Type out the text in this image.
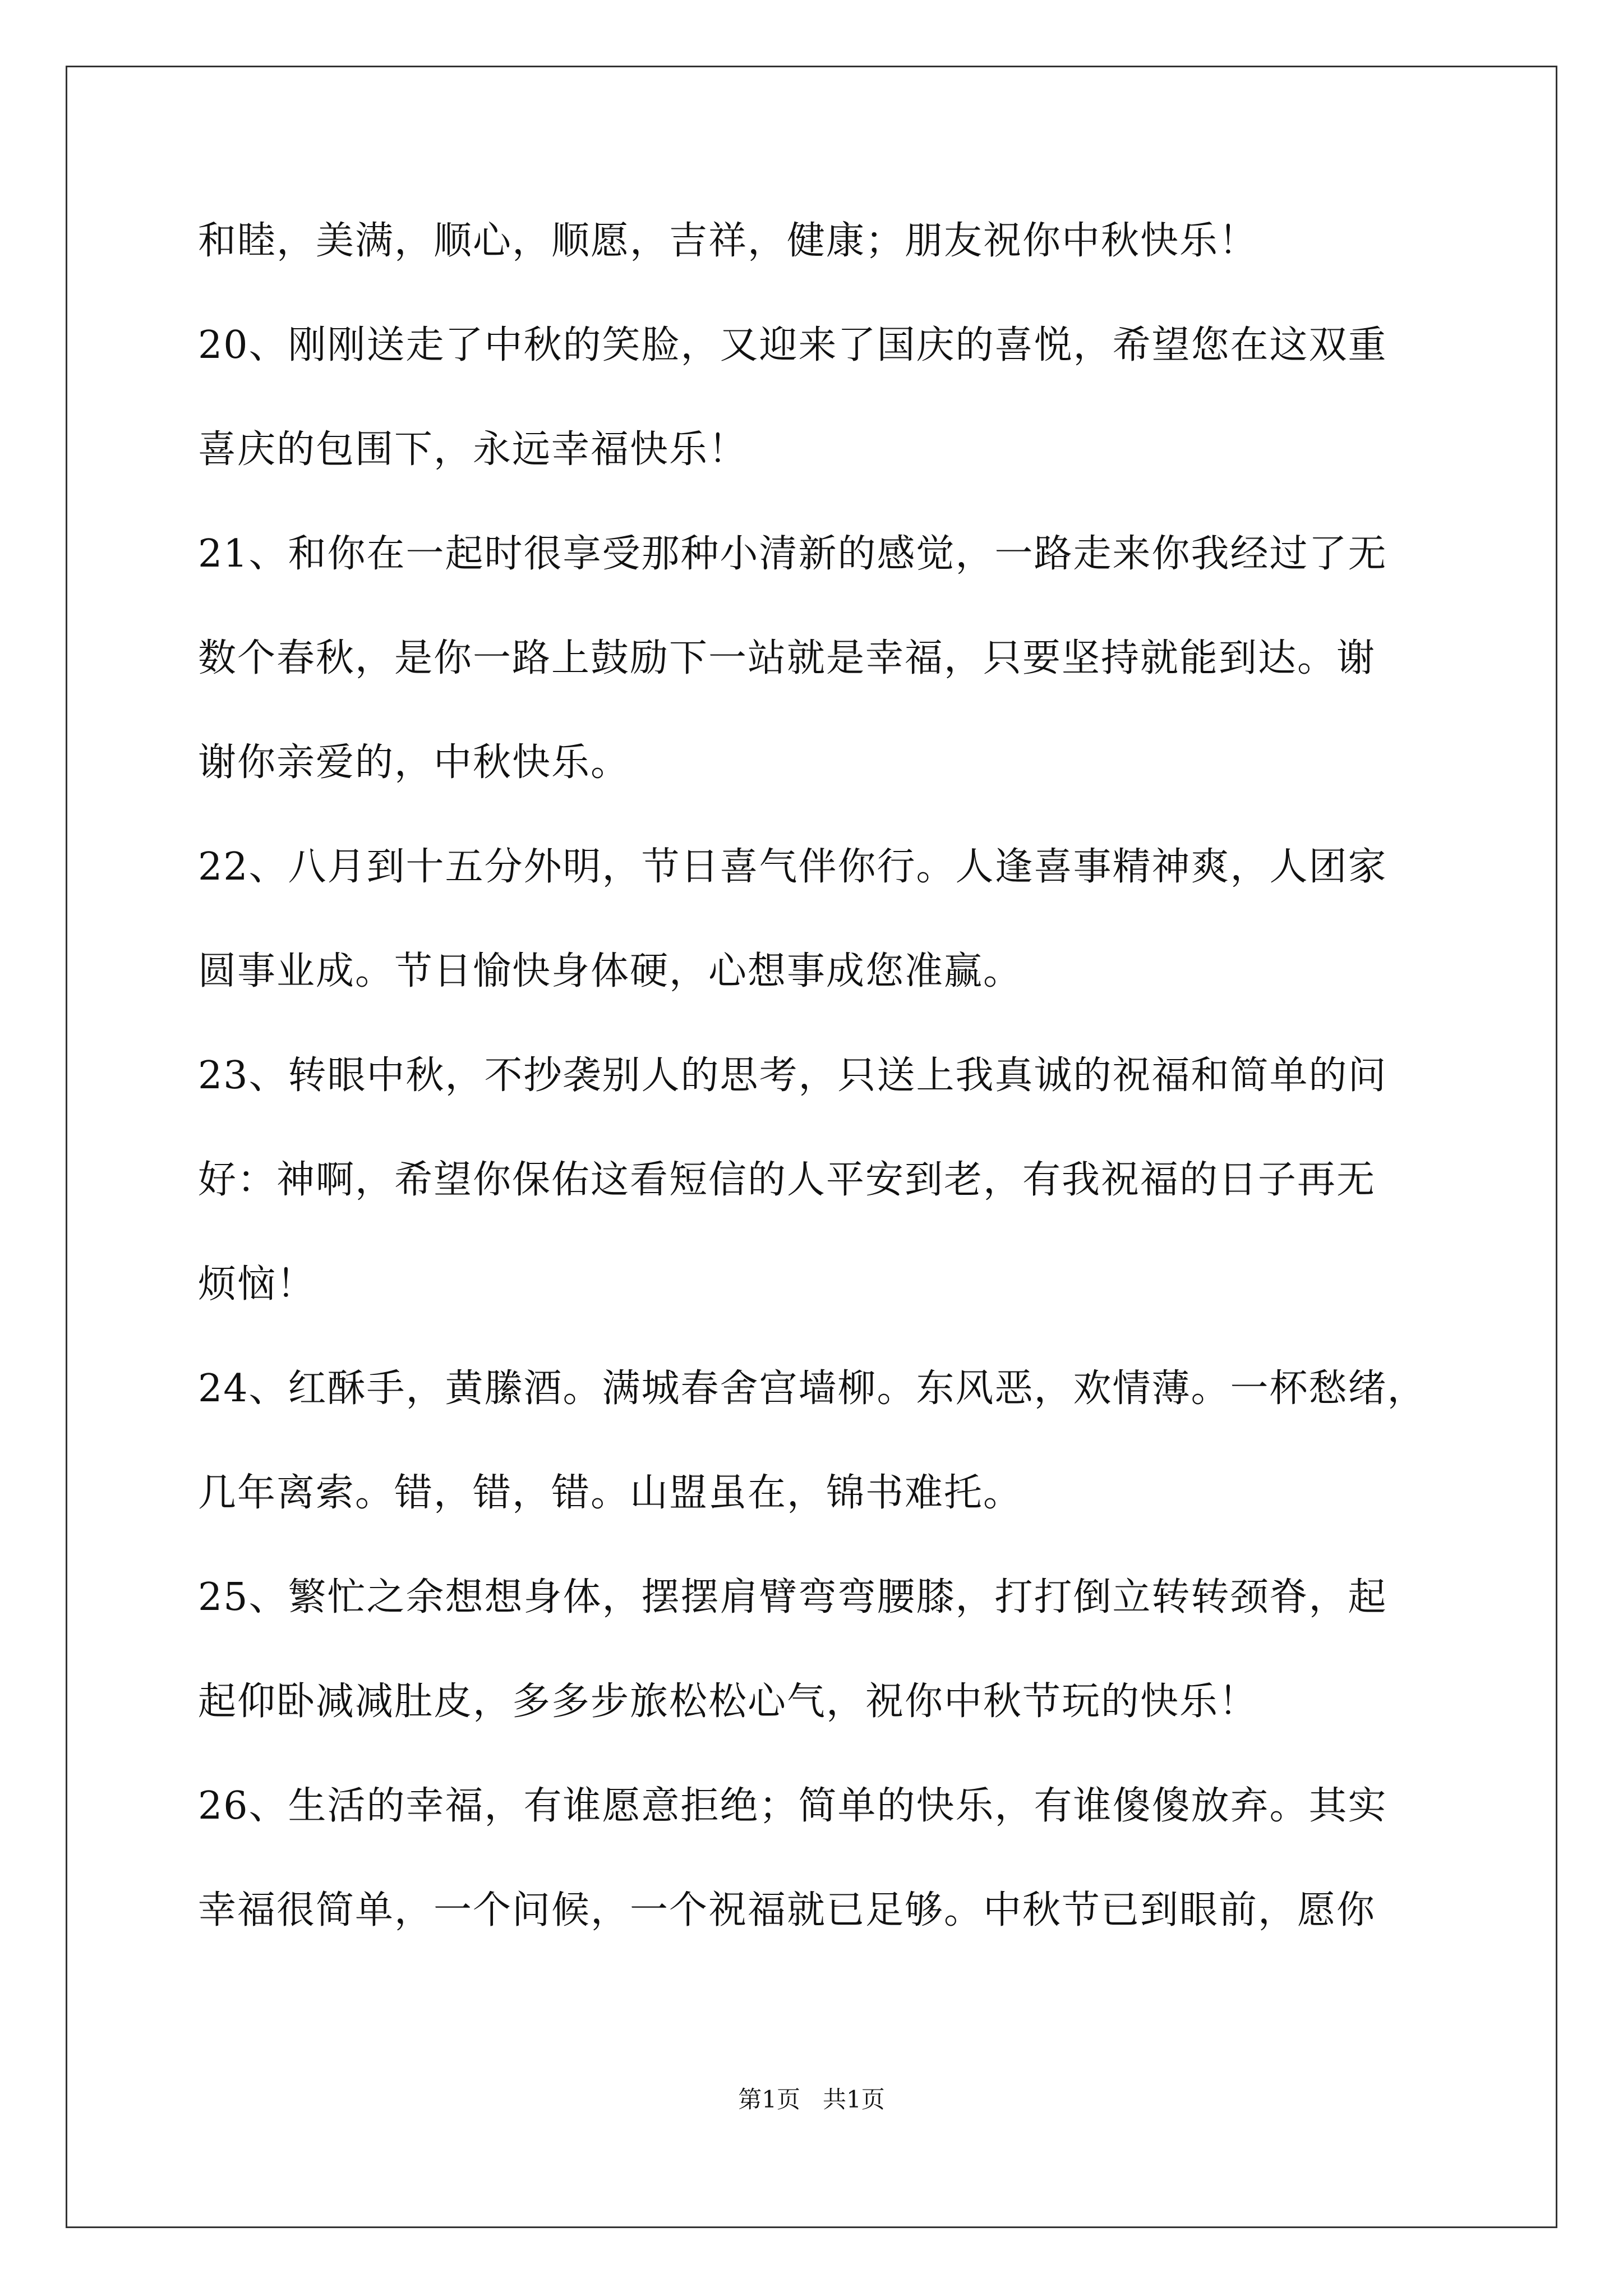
和睦，美满，顺心，顺愿，吉祥，健康；朋友祝你中秋快乐！
20、刚刚送走了中秋的笑脸，又迎来了国庆的喜悦，希望您在这双重
喜庆的包围下，永远幸福快乐！
21、和你在一起时很享受那种小清新的感觉，一路走来你我经过了无
数个春秋，是你一路上鼓励下一站就是幸福，只要坚持就能到达。谢
谢你亲爱的，中秋快乐。
22、八月到十五分外明，节日喜气伴你行。人逢喜事精神爽，人团家
圆事业成。节日愉快身体硬，心想事成您准赢。
23、转眼中秋，不抄袭别人的思考，只送上我真诚的祝福和简单的问
好：神啊，希望你保佑这看短信的人平安到老，有我祝福的日子再无
烦恼！
24、红酥手，黄縢酒。满城春舍宫墙柳。东风恶，欢情薄。一杯愁绪，
几年离索。错，错，错。山盟虽在，锦书难托。
25、繁忙之余想想身体，摆摆肩臂弯弯腰膝，打打倒立转转颈脊，起
起仰卧减减肚皮，多多步旅松松心气，祝你中秋节玩的快乐！
26、生活的幸福，有谁愿意拒绝；简单的快乐，有谁傻傻放弃。其实
幸福很简单，一个问候，一个祝福就已足够。中秋节已到眼前，愿你
第1页   共1页
